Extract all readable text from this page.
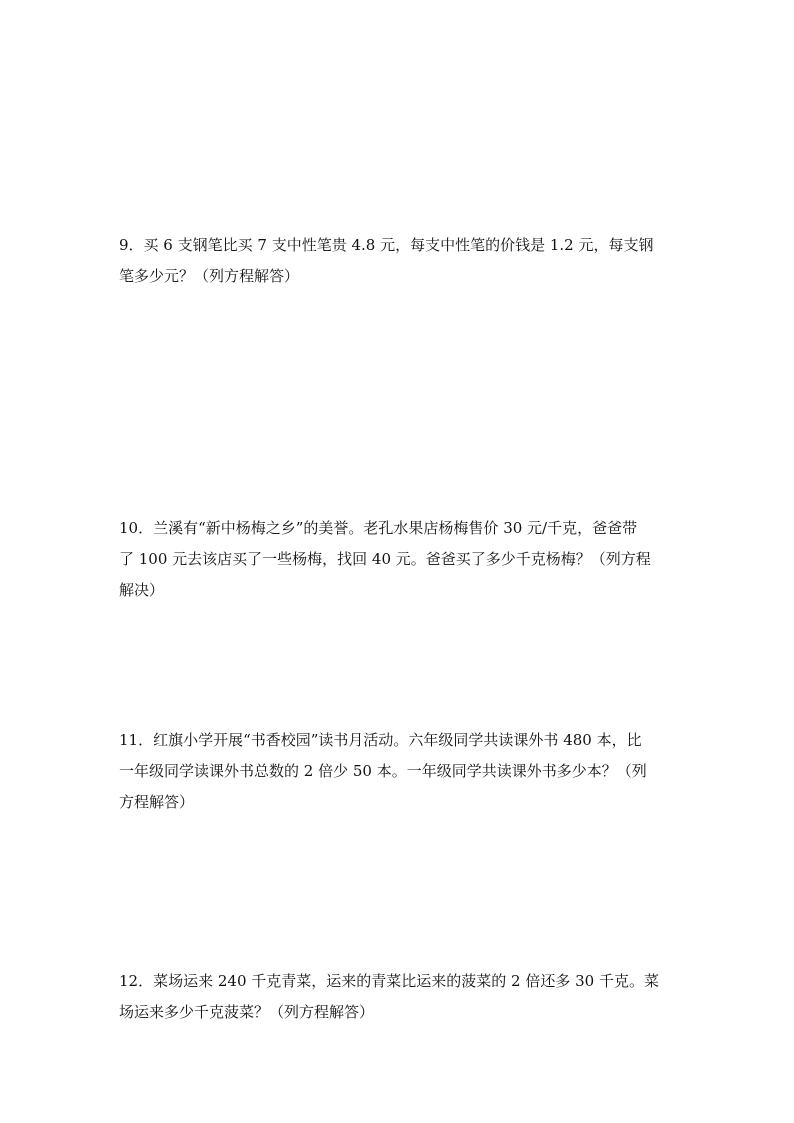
9．买 6 支钢笔比买 7 支中性笔贵 4.8 元，每支中性笔的价钱是 1.2 元，每支钢
笔多少元？（列方程解答）
10．兰溪有“新中杨梅之乡”的美誉。老孔水果店杨梅售价 30 元/千克，爸爸带
了 100 元去该店买了一些杨梅，找回 40 元。爸爸买了多少千克杨梅？（列方程
解决）
11．红旗小学开展“书香校园”读书月活动。六年级同学共读课外书 480 本，比
一年级同学读课外书总数的 2 倍少 50 本。一年级同学共读课外书多少本？（列
方程解答）
12．菜场运来 240 千克青菜，运来的青菜比运来的菠菜的 2 倍还多 30 千克。菜
场运来多少千克菠菜？（列方程解答）
